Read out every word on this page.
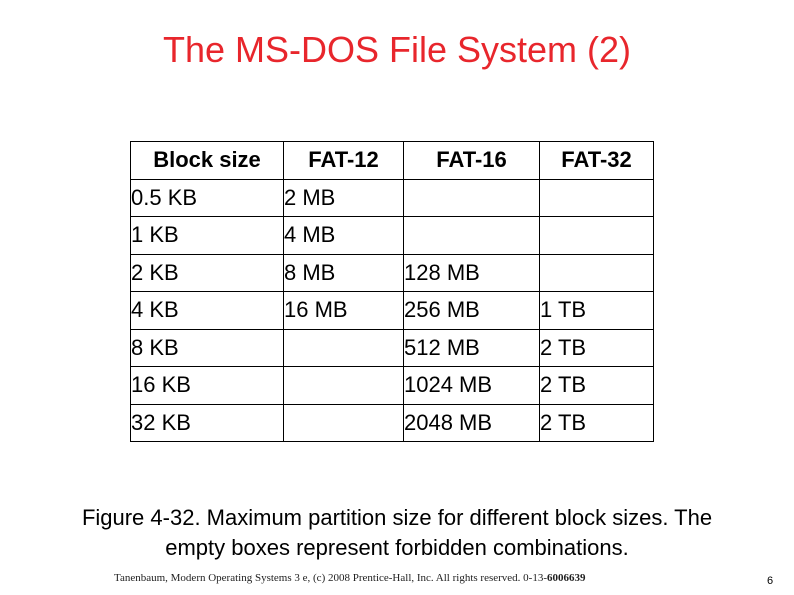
The MS-DOS File System (2)
Block size	FAT-12	FAT-16	FAT-32
0.5 KB	2 MB		
1 KB	4 MB		
2 KB	8 MB	128 MB	
4 KB	16 MB	256 MB	1 TB
8 KB		512 MB	2 TB
16 KB		1024 MB	2 TB
32 KB		2048 MB	2 TB
Figure 4-32. Maximum partition size for different block sizes. The
empty boxes represent forbidden combinations.
Tanenbaum, Modern Operating Systems 3 e, (c) 2008 Prentice-Hall, Inc. All rights reserved. 0-13-6006639	6
